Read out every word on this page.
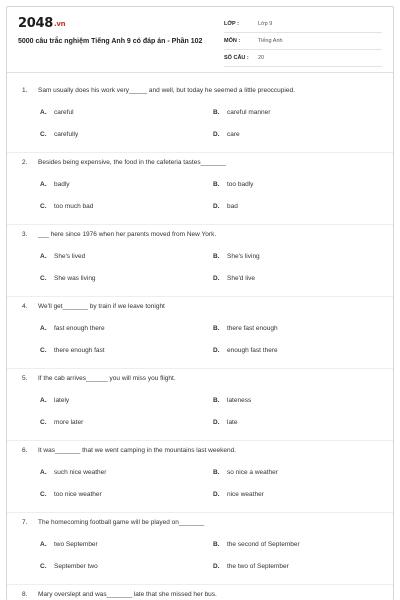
2048.vn
5000 câu trắc nghiệm Tiếng Anh 9 có đáp án - Phần 102
LỚP :	Lớp 9
MÔN :	Tiếng Anh
SỐ CÂU :	20
1. Sam usually does his work very_____ and well, but today he seemed a little preoccupied.
A. careful	B. careful manner
C. carefully	D. care
2. Besides being expensive, the food in the cafeteria tastes_______
A. badly	B. too badly
C. too much bad	D. bad
3. ___ here since 1976 when her parents moved from New York.
A. She's lived	B. She's living
C. She was living	D. She'd live
4. We'll get_______ by train if we leave tonight
A. fast enough there	B. there fast enough
C. there enough fast	D. enough fast there
5. If the cab arrives______ you will miss you flight.
A. lately	B. lateness
C. more later	D. late
6. It was_______ that we went camping in the mountains last weekend.
A. such nice weather	B. so nice a weather
C. too nice weather	D. nice weather
7. The homecoming football game will be played on_______
A. two September	B. the second of September
C. September two	D. the two of September
8. Mary overslept and was_______ late that she missed her bus.
